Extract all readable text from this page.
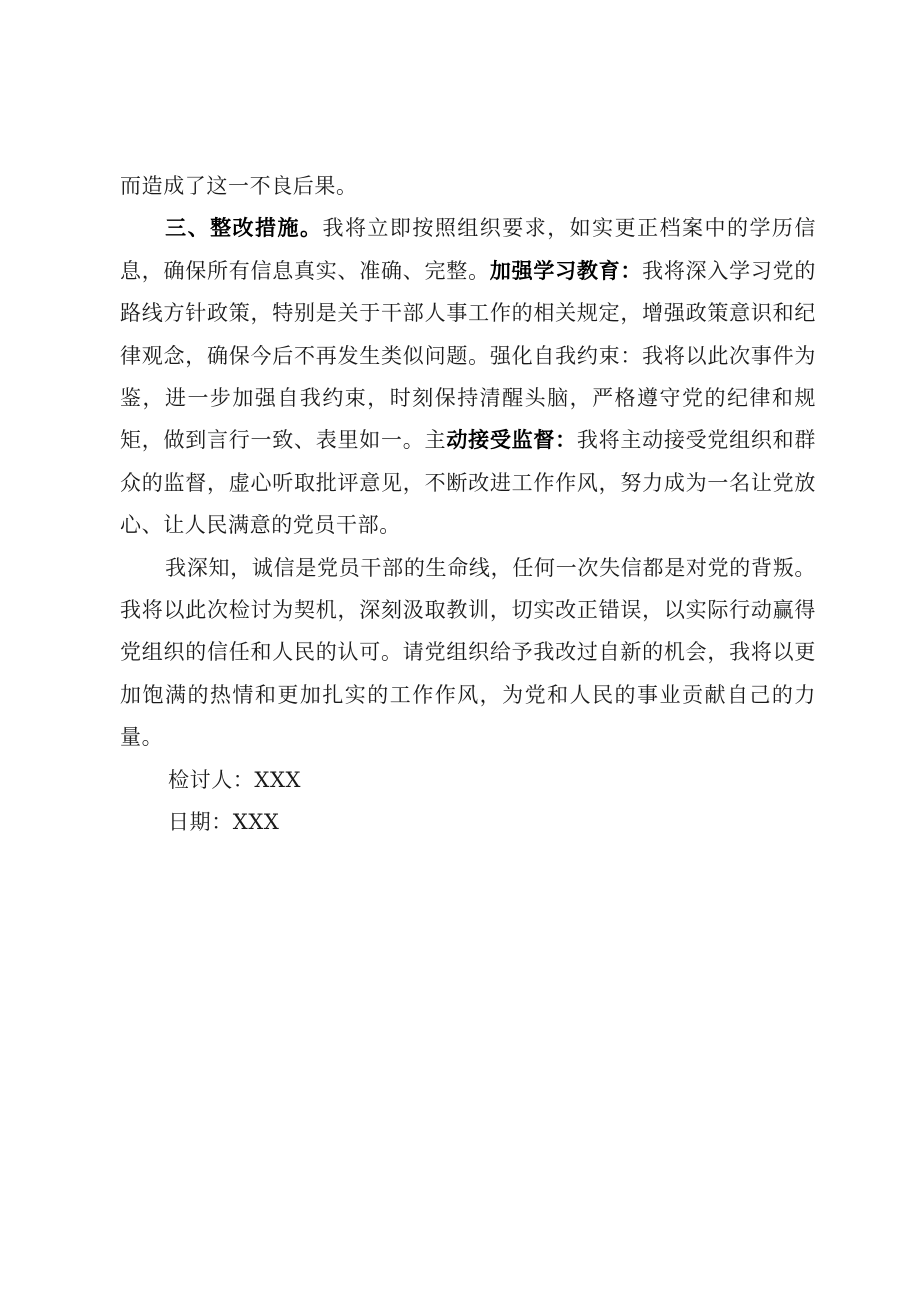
而造成了这一不良后果。

三、整改措施。我将立即按照组织要求，如实更正档案中的学历信息，确保所有信息真实、准确、完整。加强学习教育：我将深入学习党的路线方针政策，特别是关于干部人事工作的相关规定，增强政策意识和纪律观念，确保今后不再发生类似问题。强化自我约束：我将以此次事件为鉴，进一步加强自我约束，时刻保持清醒头脑，严格遵守党的纪律和规矩，做到言行一致、表里如一。主动接受监督：我将主动接受党组织和群众的监督，虚心听取批评意见，不断改进工作作风，努力成为一名让党放心、让人民满意的党员干部。

我深知，诚信是党员干部的生命线，任何一次失信都是对党的背叛。我将以此次检讨为契机，深刻汲取教训，切实改正错误，以实际行动赢得党组织的信任和人民的认可。请党组织给予我改过自新的机会，我将以更加饱满的热情和更加扎实的工作作风，为党和人民的事业贡献自己的力量。

检讨人：XXX

日期：XXX
